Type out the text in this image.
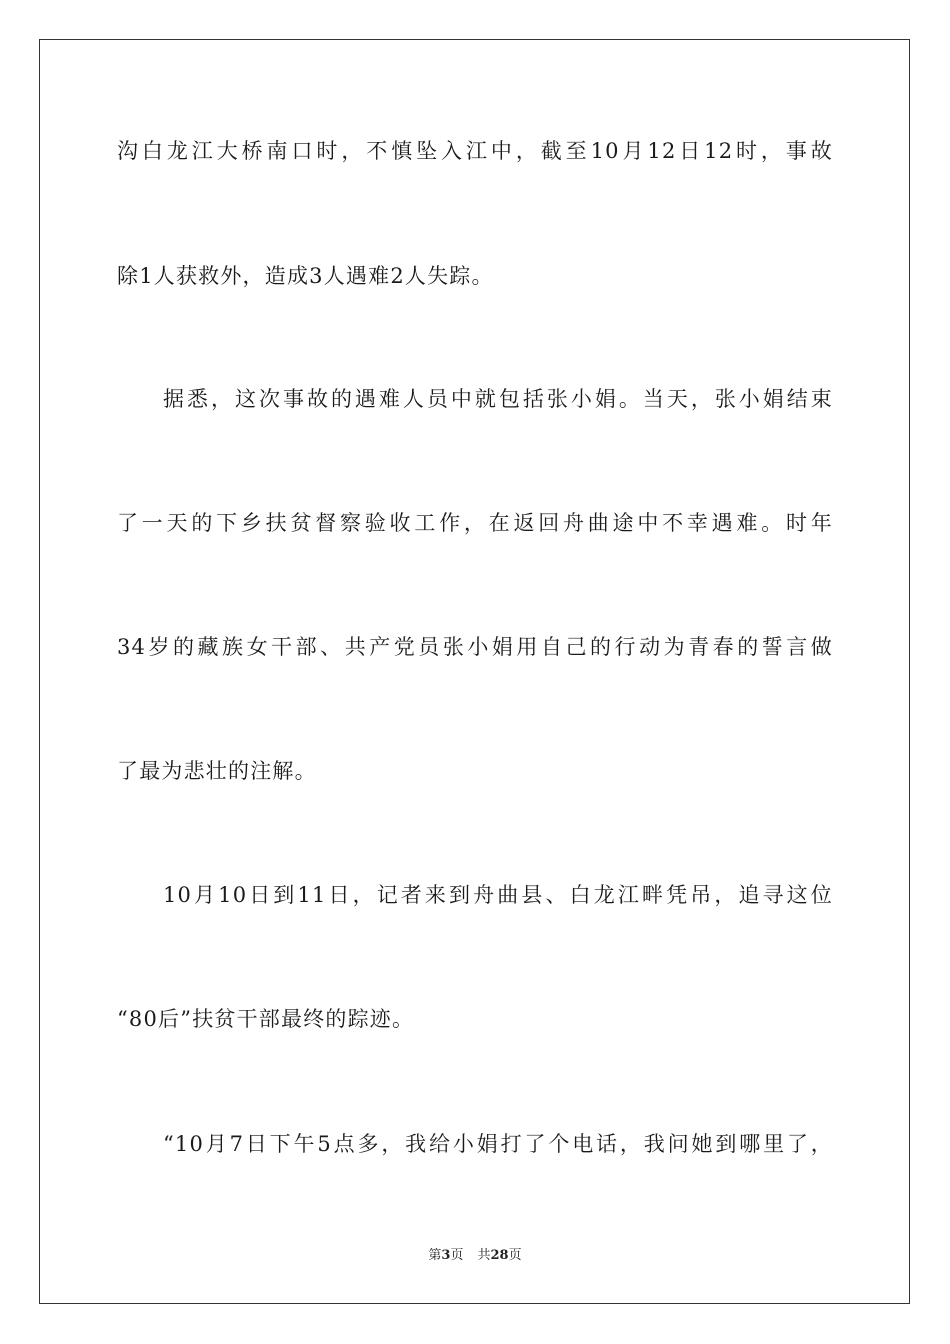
沟白龙江大桥南口时，不慎坠入江中，截至10月12日12时，事故
除1人获救外，造成3人遇难2人失踪。
据悉，这次事故的遇难人员中就包括张小娟。当天，张小娟结束
了一天的下乡扶贫督察验收工作，在返回舟曲途中不幸遇难。时年
34岁的藏族女干部、共产党员张小娟用自己的行动为青春的誓言做
了最为悲壮的注解。
10月10日到11日，记者来到舟曲县、白龙江畔凭吊，追寻这位
“80后”扶贫干部最终的踪迹。
“10月7日下午5点多，我给小娟打了个电话，我问她到哪里了，
第3页 共28页
